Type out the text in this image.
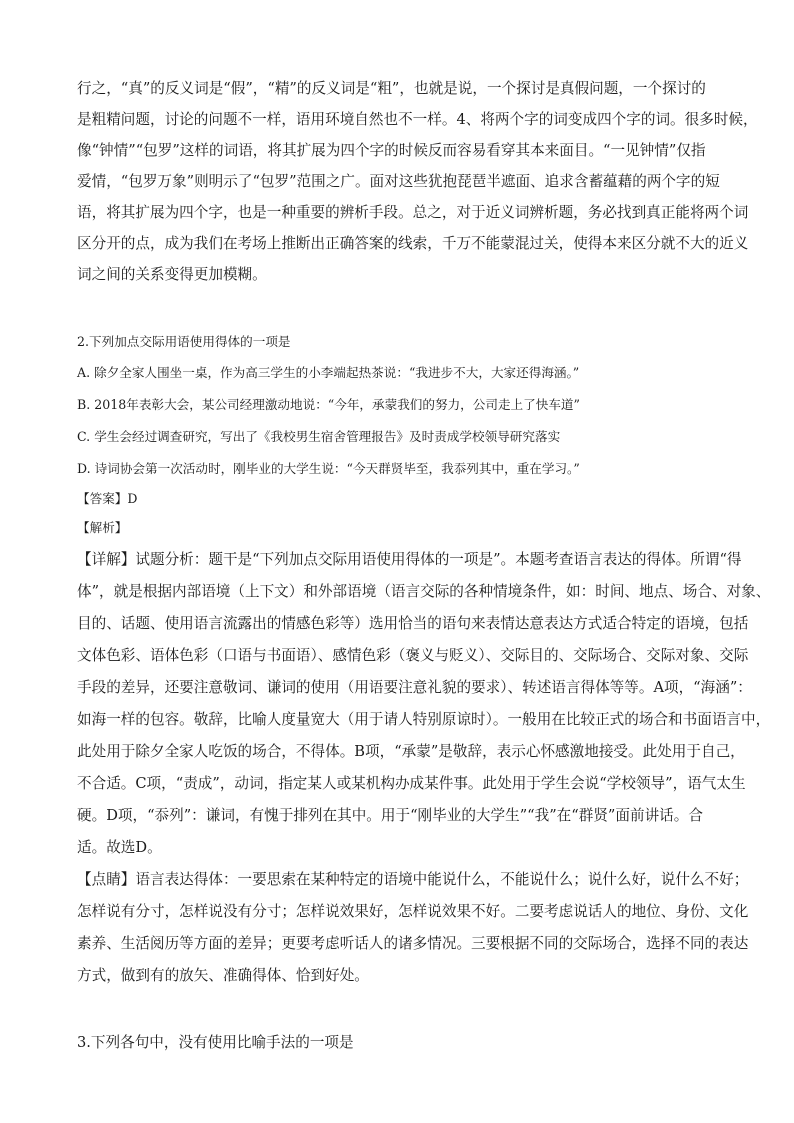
行之，“真”的反义词是“假”，“精”的反义词是“粗”，也就是说，一个探讨是真假问题，一个探讨的
是粗精问题，讨论的问题不一样，语用环境自然也不一样。4、将两个字的词变成四个字的词。很多时候，
像“钟情”“包罗”这样的词语，将其扩展为四个字的时候反而容易看穿其本来面目。“一见钟情”仅指
爱情，“包罗万象”则明示了“包罗”范围之广。面对这些犹抱琵琶半遮面、追求含蓄蕴藉的两个字的短
语，将其扩展为四个字，也是一种重要的辨析手段。总之，对于近义词辨析题，务必找到真正能将两个词
区分开的点，成为我们在考场上推断出正确答案的线索，千万不能蒙混过关，使得本来区分就不大的近义
词之间的关系变得更加模糊。
2.下列加点交际用语使用得体的一项是
A. 除夕全家人围坐一桌，作为高三学生的小李端起热茶说：“我进步不大，大家还得海涵。”
B. 2018年表彰大会，某公司经理激动地说：“今年，承蒙我们的努力，公司走上了快车道”
C. 学生会经过调查研究，写出了《我校男生宿舍管理报告》及时责成学校领导研究落实
D. 诗词协会第一次活动时，刚毕业的大学生说：“今天群贤毕至，我忝列其中，重在学习。”
【答案】D
【解析】
【详解】试题分析：题干是“下列加点交际用语使用得体的一项是”。本题考查语言表达的得体。所谓“得
体”，就是根据内部语境（上下文）和外部语境（语言交际的各种情境条件，如：时间、地点、场合、对象、
目的、话题、使用语言流露出的情感色彩等）选用恰当的语句来表情达意表达方式适合特定的语境，包括
文体色彩、语体色彩（口语与书面语）、感情色彩（褒义与贬义）、交际目的、交际场合、交际对象、交际
手段的差异，还要注意敬词、谦词的使用（用语要注意礼貌的要求）、转述语言得体等等。A项，“海涵”：
如海一样的包容。敬辞，比喻人度量宽大（用于请人特别原谅时）。一般用在比较正式的场合和书面语言中，
此处用于除夕全家人吃饭的场合，不得体。B项，“承蒙”是敬辞，表示心怀感激地接受。此处用于自己，
不合适。C项，“责成”，动词，指定某人或某机构办成某件事。此处用于学生会说“学校领导”，语气太生
硬。D项，“忝列”：谦词，有愧于排列在其中。用于“刚毕业的大学生”“我”在“群贤”面前讲话。合
适。故选D。
【点睛】语言表达得体：一要思索在某种特定的语境中能说什么，不能说什么；说什么好，说什么不好；
怎样说有分寸，怎样说没有分寸；怎样说效果好，怎样说效果不好。二要考虑说话人的地位、身份、文化
素养、生活阅历等方面的差异；更要考虑听话人的诸多情况。三要根据不同的交际场合，选择不同的表达
方式，做到有的放矢、准确得体、恰到好处。
3.下列各句中，没有使用比喻手法的一项是
